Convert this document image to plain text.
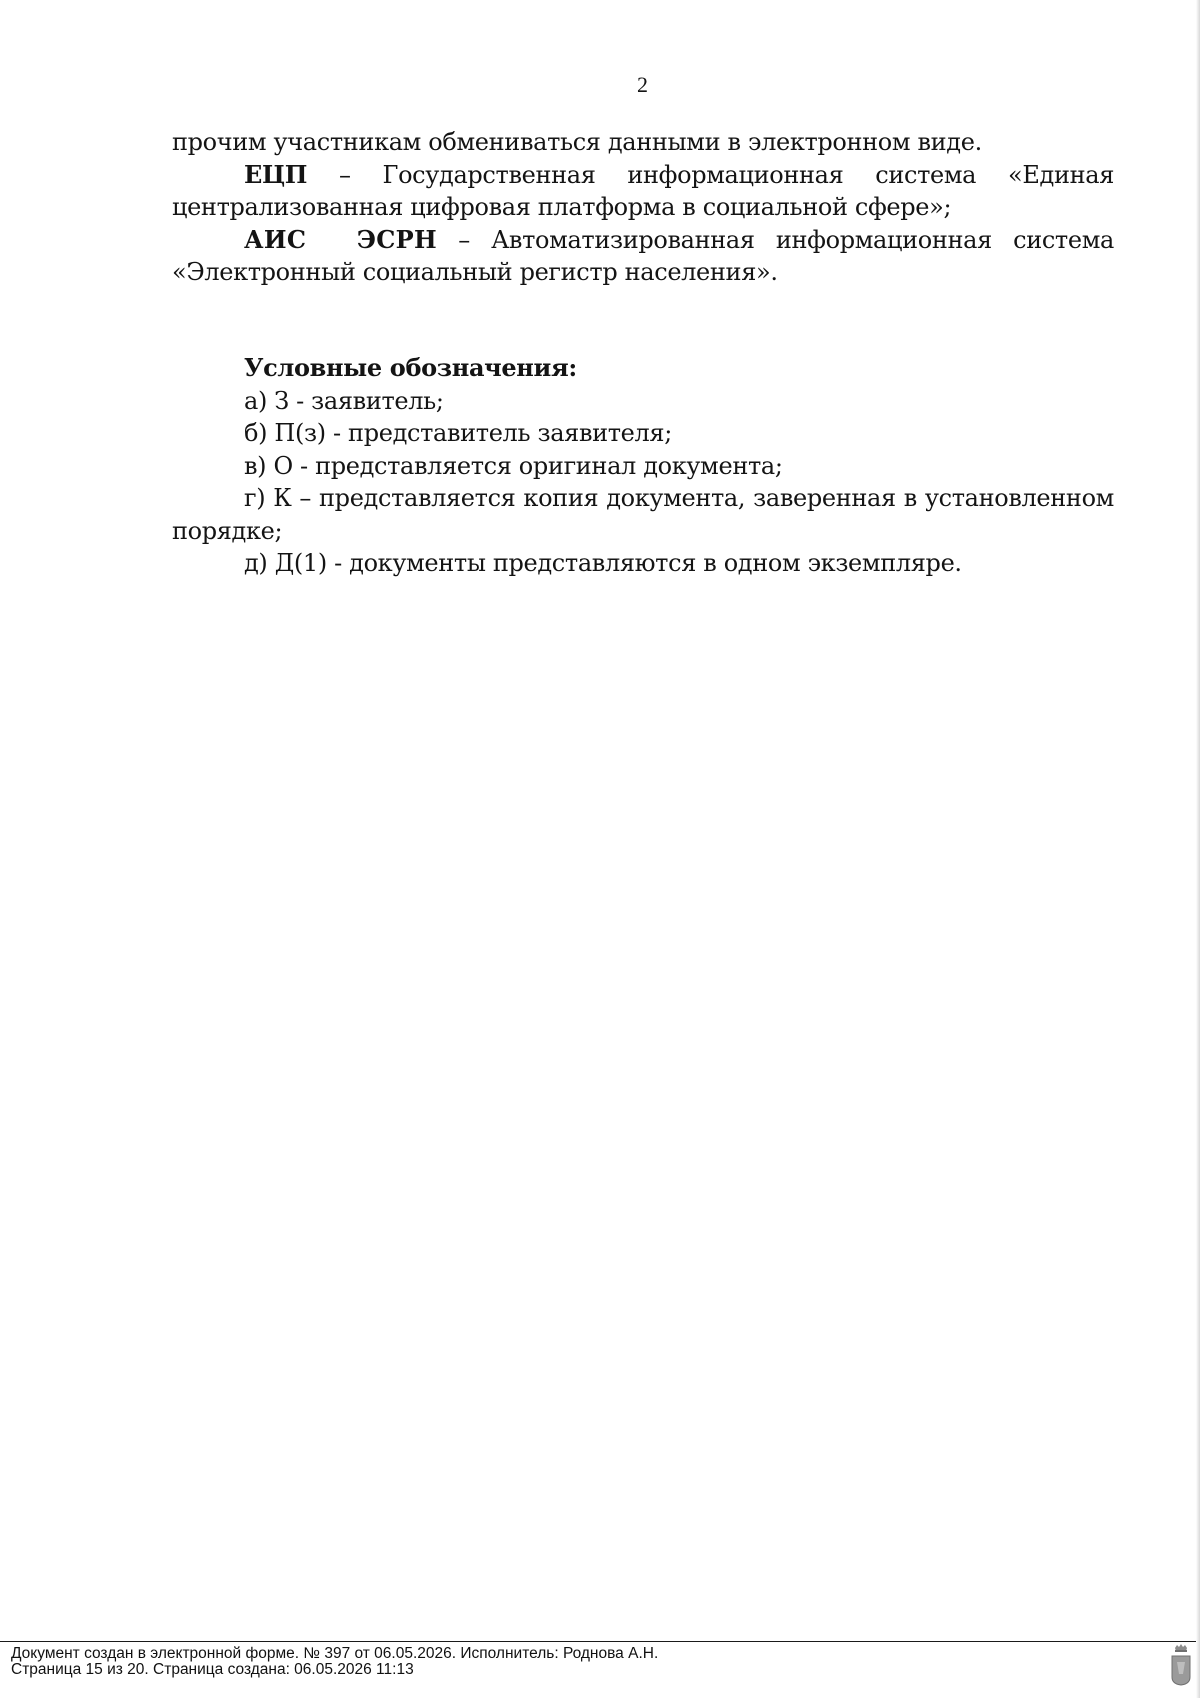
2

прочим участникам обмениваться данными в электронном виде.

ЕЦП – Государственная информационная система «Единая централизованная цифровая платформа в социальной сфере»;

АИС ЭСРН – Автоматизированная информационная система «Электронный социальный регистр населения».

Условные обозначения:

а) З - заявитель;

б) П(з) - представитель заявителя;

в) О - представляется оригинал документа;

г) К – представляется копия документа, заверенная в установленном порядке;

д) Д(1) - документы представляются в одном экземпляре.

Документ создан в электронной форме. № 397 от 06.05.2026. Исполнитель: Роднова А.Н.
Страница 15 из 20. Страница создана: 06.05.2026 11:13
